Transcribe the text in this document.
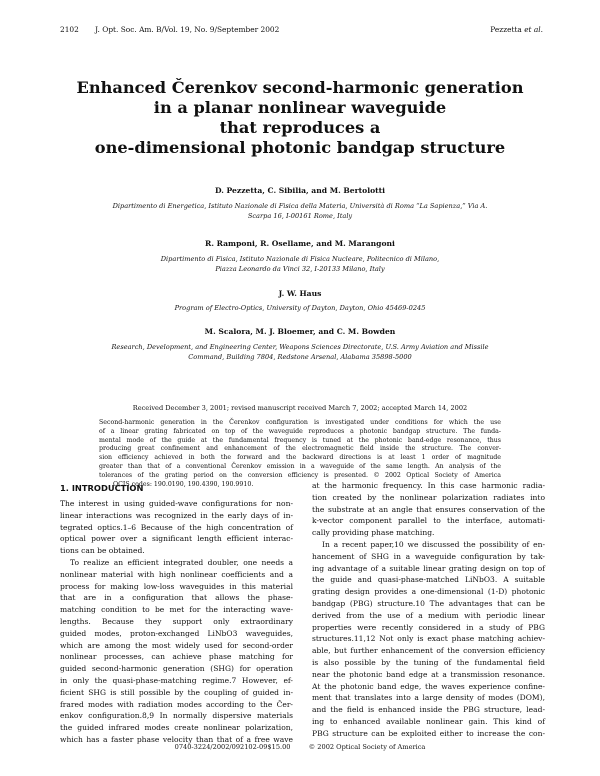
2102 J. Opt. Soc. Am. B/Vol. 19, No. 9/September 2002	Pezzetta et al.
Enhanced Čerenkov second-harmonic generation
in a planar nonlinear waveguide
that reproduces a
one-dimensional photonic bandgap structure
D. Pezzetta, C. Sibilia, and M. Bertolotti
Dipartimento di Energetica, Istituto Nazionale di Fisica della Materia, Università di Roma “La Sapienza,” Via A.
Scarpa 16, I-00161 Rome, Italy
R. Ramponi, R. Osellame, and M. Marangoni
Dipartimento di Fisica, Istituto Nazionale di Fisica Nucleare, Politecnico di Milano,
Piazza Leonardo da Vinci 32, I-20133 Milano, Italy
J. W. Haus
Program of Electro-Optics, University of Dayton, Dayton, Ohio 45469-0245
M. Scalora, M. J. Bloemer, and C. M. Bowden
Research, Development, and Engineering Center, Weapons Sciences Directorate, U.S. Army Aviation and Missile
Command, Building 7804, Redstone Arsenal, Alabama 35898-5000
Received December 3, 2001; revised manuscript received March 7, 2002; accepted March 14, 2002
Second-harmonic generation in the Čerenkov configuration is investigated under conditions for which the use
of a linear grating fabricated on top of the waveguide reproduces a photonic bandgap structure. The funda-
mental mode of the guide at the fundamental frequency is tuned at the photonic band-edge resonance, thus
producing great confinement and enhancement of the electromagnetic field inside the structure. The conver-
sion efficiency achieved in both the forward and the backward directions is at least 1 order of magnitude
greater than that of a conventional Čerenkov emission in a waveguide of the same length. An analysis of the
tolerances of the grating period on the conversion efficiency is presented. © 2002 Optical Society of America
OCIS codes: 190.0190, 190.4390, 190.9910.
1. INTRODUCTION
The interest in using guided-wave configurations for non-
linear interactions was recognized in the early days of in-
tegrated optics.1–6 Because of the high concentration of
optical power over a significant length efficient interac-
tions can be obtained.
To realize an efficient integrated doubler, one needs a
nonlinear material with high nonlinear coefficients and a
process for making low-loss waveguides in this material
that are in a configuration that allows the phase-
matching condition to be met for the interacting wave-
lengths. Because they support only extraordinary
guided modes, proton-exchanged LiNbO3 waveguides,
which are among the most widely used for second-order
nonlinear processes, can achieve phase matching for
guided second-harmonic generation (SHG) for operation
in only the quasi-phase-matching regime.7 However, ef-
ficient SHG is still possible by the coupling of guided in-
frared modes with radiation modes according to the Čer-
enkov configuration.8,9 In normally dispersive materials
the guided infrared modes create nonlinear polarization,
which has a faster phase velocity than that of a free wave
at the harmonic frequency. In this case harmonic radia-
tion created by the nonlinear polarization radiates into
the substrate at an angle that ensures conservation of the
k-vector component parallel to the interface, automati-
cally providing phase matching.
In a recent paper,10 we discussed the possibility of en-
hancement of SHG in a waveguide configuration by tak-
ing advantage of a suitable linear grating design on top of
the guide and quasi-phase-matched LiNbO3. A suitable
grating design provides a one-dimensional (1-D) photonic
bandgap (PBG) structure.10 The advantages that can be
derived from the use of a medium with periodic linear
properties were recently considered in a study of PBG
structures.11,12 Not only is exact phase matching achiev-
able, but further enhancement of the conversion efficiency
is also possible by the tuning of the fundamental field
near the photonic band edge at a transmission resonance.
At the photonic band edge, the waves experience confine-
ment that translates into a large density of modes (DOM),
and the field is enhanced inside the PBG structure, lead-
ing to enhanced available nonlinear gain. This kind of
PBG structure can be exploited either to increase the con-
0740-3224/2002/092102-09$15.00	© 2002 Optical Society of America
